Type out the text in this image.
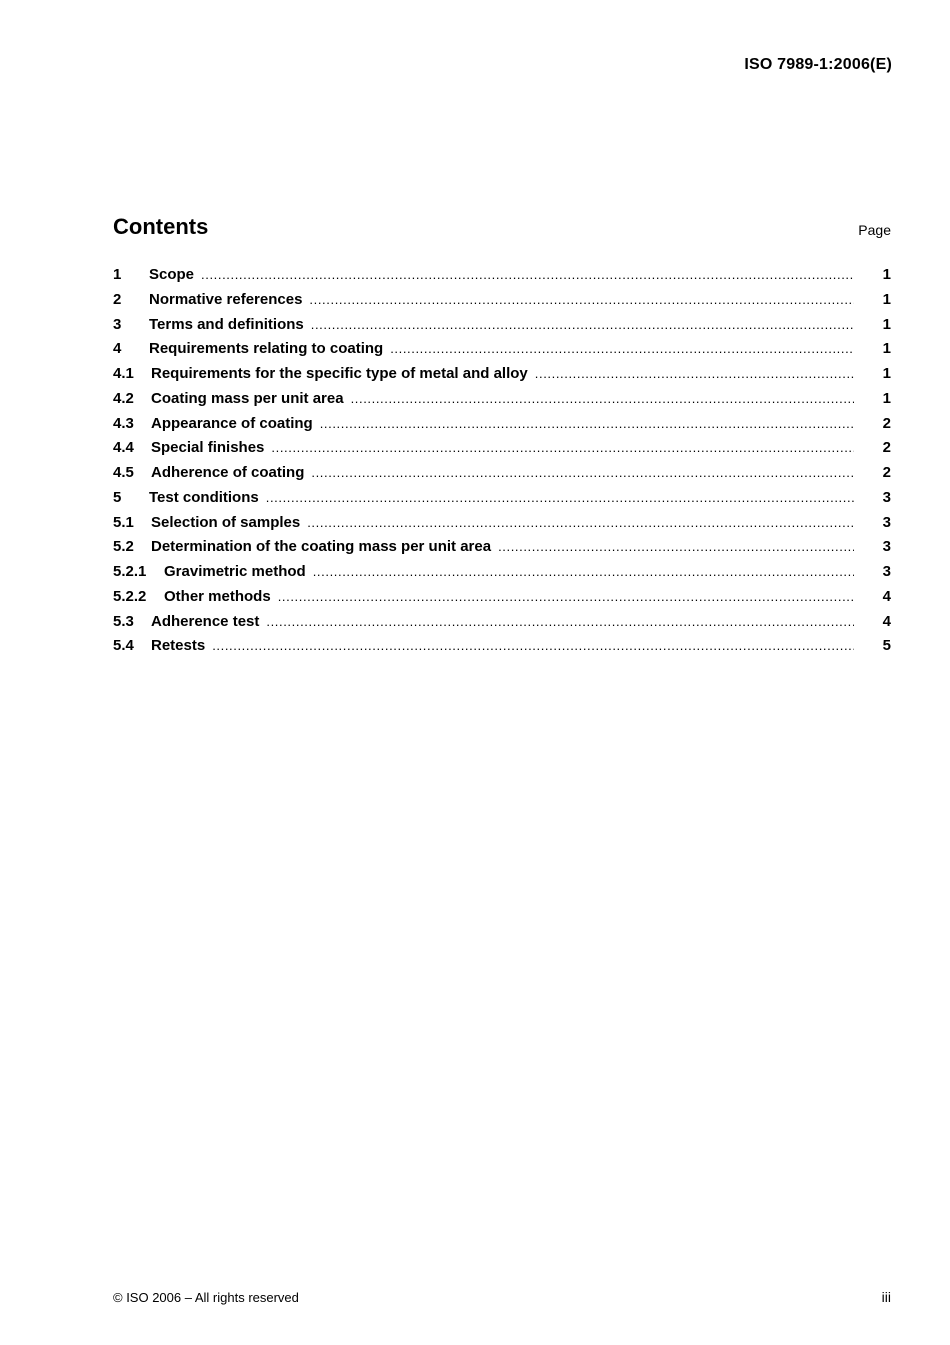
ISO 7989-1:2006(E)
Contents	Page
1	Scope .....	1
2	Normative references .....	1
3	Terms and definitions .....	1
4	Requirements relating to coating .....	1
4.1	Requirements for the specific type of metal and alloy .....	1
4.2	Coating mass per unit area .....	1
4.3	Appearance of coating .....	2
4.4	Special finishes .....	2
4.5	Adherence of coating .....	2
5	Test conditions .....	3
5.1	Selection of samples .....	3
5.2	Determination of the coating mass per unit area .....	3
5.2.1	Gravimetric method .....	3
5.2.2	Other methods .....	4
5.3	Adherence test .....	4
5.4	Retests .....	5
© ISO 2006 – All rights reserved	iii
